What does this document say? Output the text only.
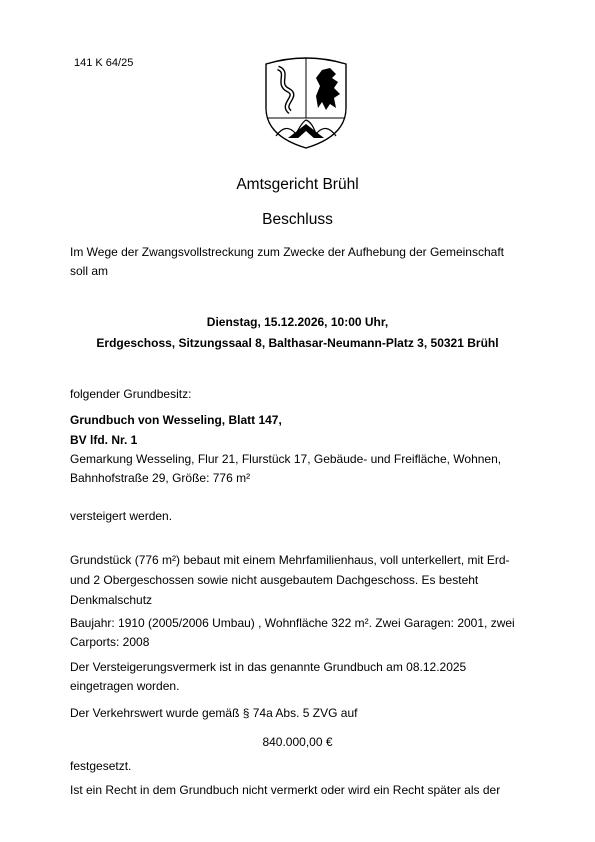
141 K 64/25
Amtsgericht Brühl
Beschluss
Im Wege der Zwangsvollstreckung zum Zwecke der Aufhebung der Gemeinschaft
soll am
Dienstag, 15.12.2026, 10:00 Uhr,
Erdgeschoss, Sitzungssaal 8, Balthasar-Neumann-Platz 3, 50321 Brühl
folgender Grundbesitz:
Grundbuch von Wesseling, Blatt 147,
BV lfd. Nr. 1
Gemarkung Wesseling, Flur 21, Flurstück 17, Gebäude- und Freifläche, Wohnen,
Bahnhofstraße 29, Größe: 776 m²
versteigert werden.
Grundstück (776 m²) bebaut mit einem Mehrfamilienhaus, voll unterkellert, mit Erd-
und 2 Obergeschossen sowie nicht ausgebautem Dachgeschoss. Es besteht
Denkmalschutz
Baujahr: 1910 (2005/2006 Umbau) , Wohnfläche 322 m². Zwei Garagen: 2001, zwei
Carports: 2008
Der Versteigerungsvermerk ist in das genannte Grundbuch am 08.12.2025
eingetragen worden.
Der Verkehrswert wurde gemäß § 74a Abs. 5 ZVG auf
840.000,00 €
festgesetzt.
Ist ein Recht in dem Grundbuch nicht vermerkt oder wird ein Recht später als der
